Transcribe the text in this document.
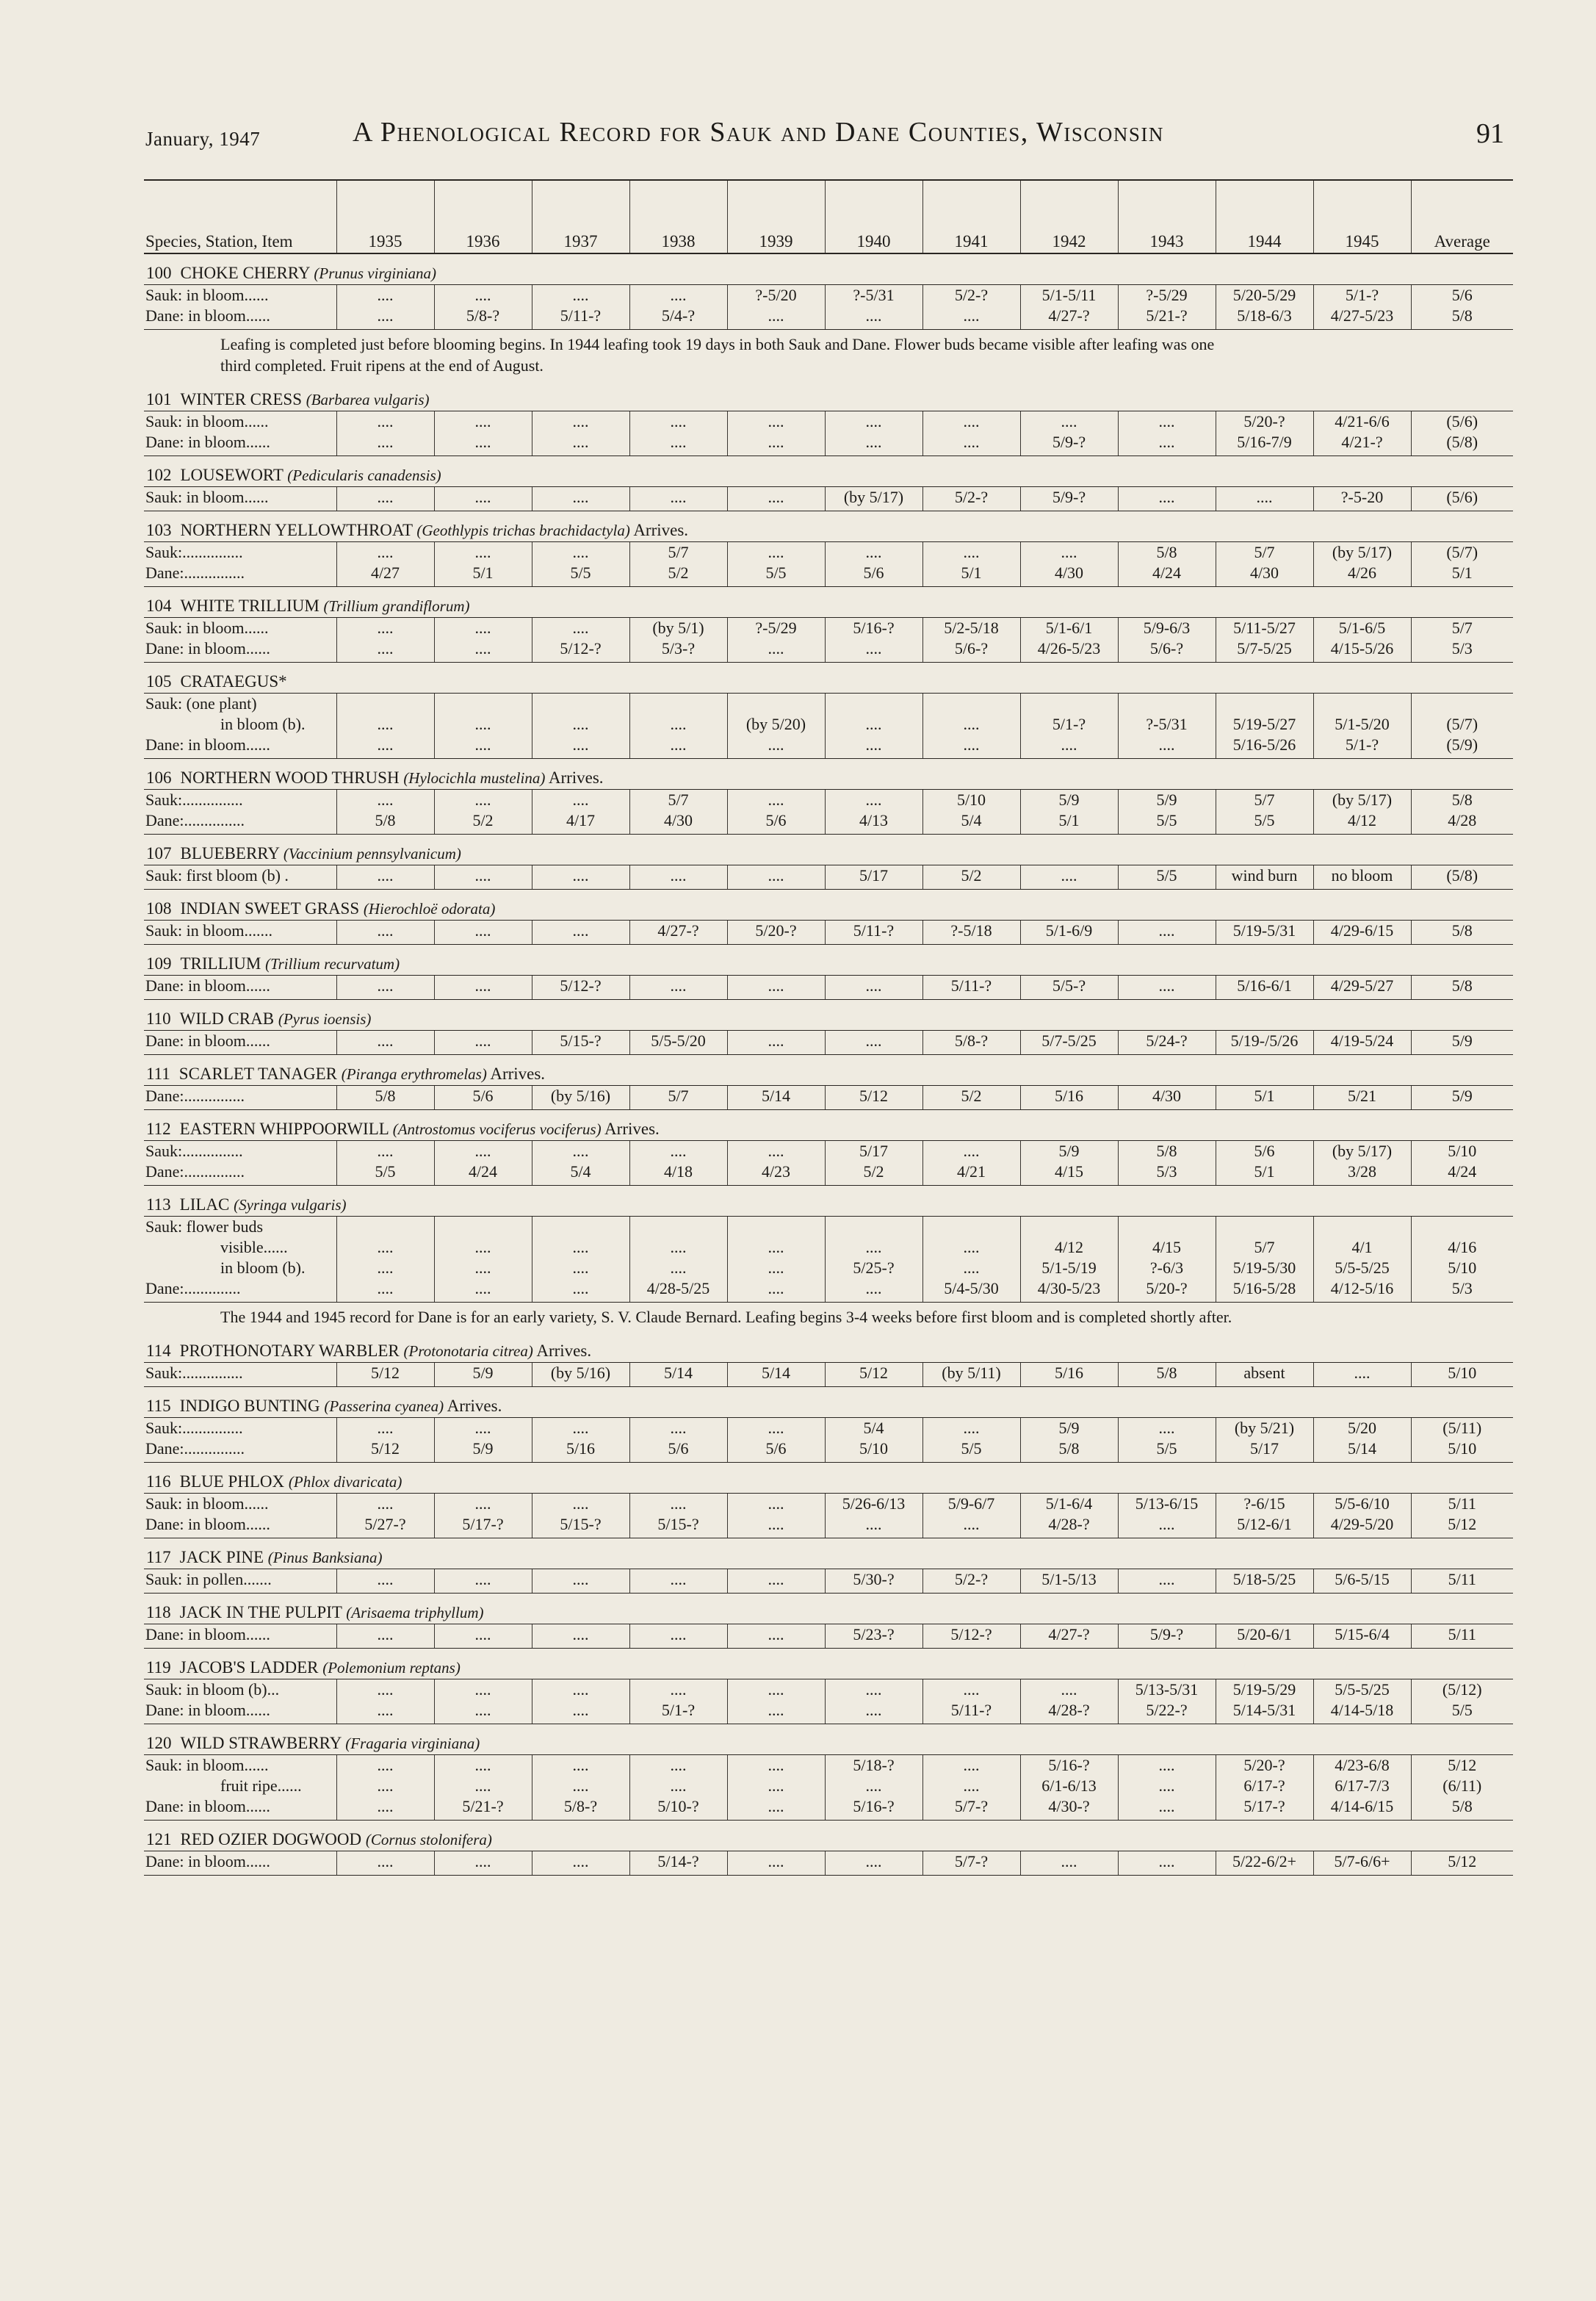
January, 1947	A Phenological Record for Sauk and Dane Counties, Wisconsin	91
Species, Station, Item	1935	1936	1937	1938	1939	1940	1941	1942	1943	1944	1945	Average
100 CHOKE CHERRY (Prunus virginiana)												
Sauk: in bloom......	....	....	....	....	?-5/20	?-5/31	5/2-?	5/1-5/11	?-5/29	5/20-5/29	5/1-?	5/6
Dane: in bloom......	....	5/8-?	5/11-?	5/4-?	....	....	....	4/27-?	5/21-?	5/18-6/3	4/27-5/23	5/8

Leafing is completed just before blooming begins. In 1944 leafing took 19 days in both Sauk and Dane. Flower buds became visible after leafing was one
third completed. Fruit ripens at the end of August.												

101 WINTER CRESS (Barbarea vulgaris)												
Sauk: in bloom......	....	....	....	....	....	....	....	....	....	5/20-?	4/21-6/6	(5/6)
Dane: in bloom......	....	....	....	....	....	....	....	5/9-?	....	5/16-7/9	4/21-?	(5/8)
102 LOUSEWORT (Pedicularis canadensis)												
Sauk: in bloom......	....	....	....	....	....	(by 5/17)	5/2-?	5/9-?	....	....	?-5-20	(5/6)
103 NORTHERN YELLOWTHROAT (Geothlypis trichas brachidactyla) Arrives.												
Sauk:...............	....	....	....	5/7	....	....	....	....	5/8	5/7	(by 5/17)	(5/7)
Dane:...............	4/27	5/1	5/5	5/2	5/5	5/6	5/1	4/30	4/24	4/30	4/26	5/1
104 WHITE TRILLIUM (Trillium grandiflorum)												
Sauk: in bloom......	....	....	....	(by 5/1)	?-5/29	5/16-?	5/2-5/18	5/1-6/1	5/9-6/3	5/11-5/27	5/1-6/5	5/7
Dane: in bloom......	....	....	5/12-?	5/3-?	....	....	5/6-?	4/26-5/23	5/6-?	5/7-5/25	4/15-5/26	5/3
105 CRATAEGUS*												
Sauk: (one plant)												
in bloom (b).	....	....	....	....	(by 5/20)	....	....	5/1-?	?-5/31	5/19-5/27	5/1-5/20	(5/7)
Dane: in bloom......	....	....	....	....	....	....	....	....	....	5/16-5/26	5/1-?	(5/9)
106 NORTHERN WOOD THRUSH (Hylocichla mustelina) Arrives.												
Sauk:...............	....	....	....	5/7	....	....	5/10	5/9	5/9	5/7	(by 5/17)	5/8
Dane:...............	5/8	5/2	4/17	4/30	5/6	4/13	5/4	5/1	5/5	5/5	4/12	4/28
107 BLUEBERRY (Vaccinium pennsylvanicum)												
Sauk: first bloom (b) .	....	....	....	....	....	5/17	5/2	....	5/5	wind burn	no bloom	(5/8)
108 INDIAN SWEET GRASS (Hierochloë odorata)												
Sauk: in bloom.......	....	....	....	4/27-?	5/20-?	5/11-?	?-5/18	5/1-6/9	....	5/19-5/31	4/29-6/15	5/8
109 TRILLIUM (Trillium recurvatum)												
Dane: in bloom......	....	....	5/12-?	....	....	....	5/11-?	5/5-?	....	5/16-6/1	4/29-5/27	5/8
110 WILD CRAB (Pyrus ioensis)												
Dane: in bloom......	....	....	5/15-?	5/5-5/20	....	....	5/8-?	5/7-5/25	5/24-?	5/19-/5/26	4/19-5/24	5/9
111 SCARLET TANAGER (Piranga erythromelas) Arrives.												
Dane:...............	5/8	5/6	(by 5/16)	5/7	5/14	5/12	5/2	5/16	4/30	5/1	5/21	5/9
112 EASTERN WHIPPOORWILL (Antrostomus vociferus vociferus) Arrives.												
Sauk:...............	....	....	....	....	....	5/17	....	5/9	5/8	5/6	(by 5/17)	5/10
Dane:...............	5/5	4/24	5/4	4/18	4/23	5/2	4/21	4/15	5/3	5/1	3/28	4/24
113 LILAC (Syringa vulgaris)												
Sauk: flower buds												
visible......	....	....	....	....	....	....	....	4/12	4/15	5/7	4/1	4/16
in bloom (b).	....	....	....	....	....	5/25-?	....	5/1-5/19	?-6/3	5/19-5/30	5/5-5/25	5/10
Dane:..............	....	....	....	4/28-5/25	....	....	5/4-5/30	4/30-5/23	5/20-?	5/16-5/28	4/12-5/16	5/3

The 1944 and 1945 record for Dane is for an early variety, S. V. Claude Bernard. Leafing begins 3-4 weeks before first bloom and is completed shortly after.												

114 PROTHONOTARY WARBLER (Protonotaria citrea) Arrives.												
Sauk:...............	5/12	5/9	(by 5/16)	5/14	5/14	5/12	(by 5/11)	5/16	5/8	absent	....	5/10
115 INDIGO BUNTING (Passerina cyanea) Arrives.												
Sauk:...............	....	....	....	....	....	5/4	....	5/9	....	(by 5/21)	5/20	(5/11)
Dane:...............	5/12	5/9	5/16	5/6	5/6	5/10	5/5	5/8	5/5	5/17	5/14	5/10
116 BLUE PHLOX (Phlox divaricata)												
Sauk: in bloom......	....	....	....	....	....	5/26-6/13	5/9-6/7	5/1-6/4	5/13-6/15	?-6/15	5/5-6/10	5/11
Dane: in bloom......	5/27-?	5/17-?	5/15-?	5/15-?	....	....	....	4/28-?	....	5/12-6/1	4/29-5/20	5/12
117 JACK PINE (Pinus Banksiana)												
Sauk: in pollen.......	....	....	....	....	....	5/30-?	5/2-?	5/1-5/13	....	5/18-5/25	5/6-5/15	5/11
118 JACK IN THE PULPIT (Arisaema triphyllum)												
Dane: in bloom......	....	....	....	....	....	5/23-?	5/12-?	4/27-?	5/9-?	5/20-6/1	5/15-6/4	5/11
119 JACOB'S LADDER (Polemonium reptans)												
Sauk: in bloom (b)...	....	....	....	....	....	....	....	....	5/13-5/31	5/19-5/29	5/5-5/25	(5/12)
Dane: in bloom......	....	....	....	5/1-?	....	....	5/11-?	4/28-?	5/22-?	5/14-5/31	4/14-5/18	5/5
120 WILD STRAWBERRY (Fragaria virginiana)												
Sauk: in bloom......	....	....	....	....	....	5/18-?	....	5/16-?	....	5/20-?	4/23-6/8	5/12
fruit ripe......	....	....	....	....	....	....	....	6/1-6/13	....	6/17-?	6/17-7/3	(6/11)
Dane: in bloom......	....	5/21-?	5/8-?	5/10-?	....	5/16-?	5/7-?	4/30-?	....	5/17-?	4/14-6/15	5/8
121 RED OZIER DOGWOOD (Cornus stolonifera)												
Dane: in bloom......	....	....	....	5/14-?	....	....	5/7-?	....	....	5/22-6/2+	5/7-6/6+	5/12
